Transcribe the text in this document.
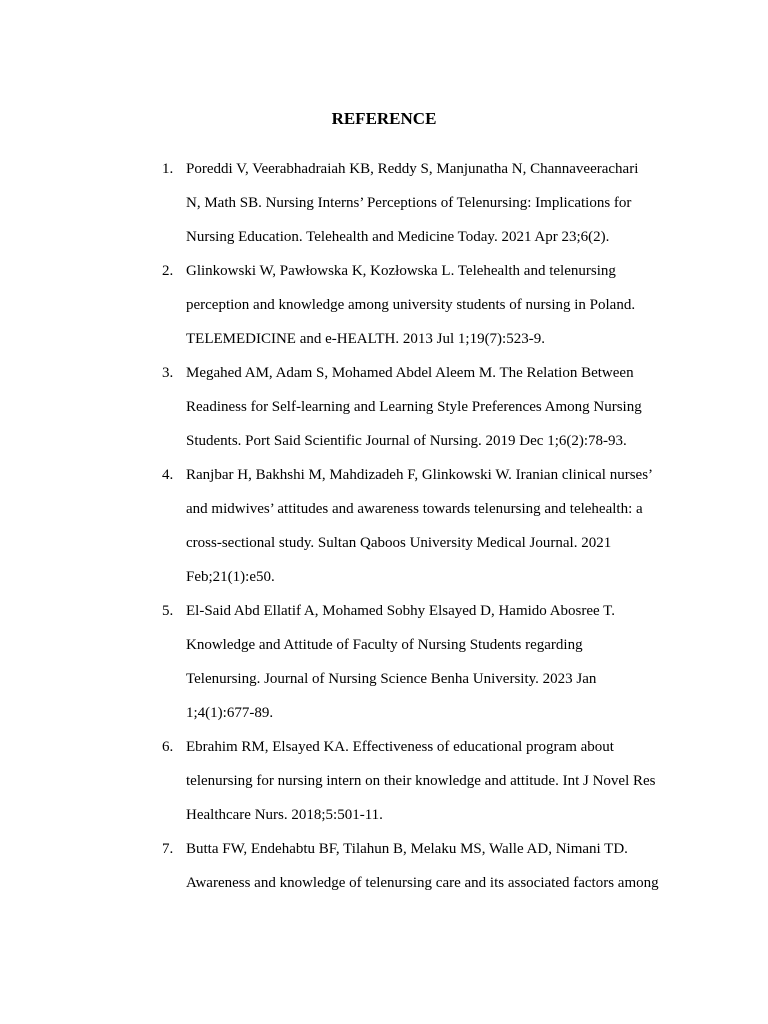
REFERENCE
1. Poreddi V, Veerabhadraiah KB, Reddy S, Manjunatha N, Channaveerachari
N, Math SB. Nursing Interns’ Perceptions of Telenursing: Implications for
Nursing Education. Telehealth and Medicine Today. 2021 Apr 23;6(2).
2. Glinkowski W, Pawłowska K, Kozłowska L. Telehealth and telenursing
perception and knowledge among university students of nursing in Poland.
TELEMEDICINE and e-HEALTH. 2013 Jul 1;19(7):523-9.
3. Megahed AM, Adam S, Mohamed Abdel Aleem M. The Relation Between
Readiness for Self-learning and Learning Style Preferences Among Nursing
Students. Port Said Scientific Journal of Nursing. 2019 Dec 1;6(2):78-93.
4. Ranjbar H, Bakhshi M, Mahdizadeh F, Glinkowski W. Iranian clinical nurses’
and midwives’ attitudes and awareness towards telenursing and telehealth: a
cross-sectional study. Sultan Qaboos University Medical Journal. 2021
Feb;21(1):e50.
5. El-Said Abd Ellatif A, Mohamed Sobhy Elsayed D, Hamido Abosree T.
Knowledge and Attitude of Faculty of Nursing Students regarding
Telenursing. Journal of Nursing Science Benha University. 2023 Jan
1;4(1):677-89.
6. Ebrahim RM, Elsayed KA. Effectiveness of educational program about
telenursing for nursing intern on their knowledge and attitude. Int J Novel Res
Healthcare Nurs. 2018;5:501-11.
7. Butta FW, Endehabtu BF, Tilahun B, Melaku MS, Walle AD, Nimani TD.
Awareness and knowledge of telenursing care and its associated factors among
